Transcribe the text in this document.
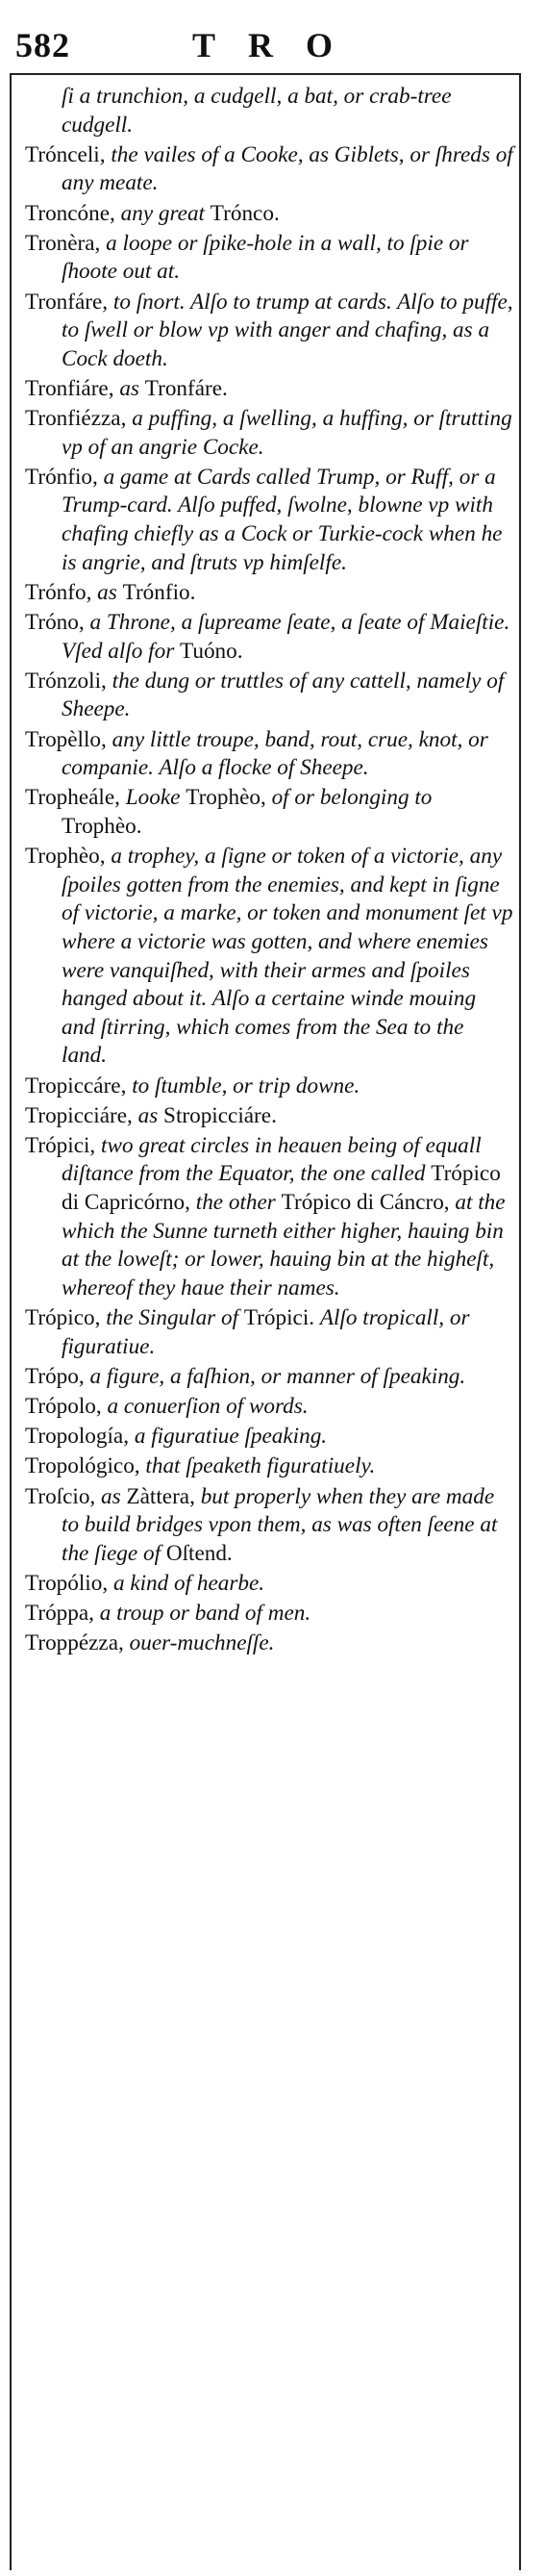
582	TRO

ſi a trunchion, a cudgell, a bat, or crab-tree cudgell.

Trónceli, the vailes of a Cooke, as Giblets, or ſhreds of any meate.

Troncóne, any great Trónco.

Tronèra, a loope or ſpike-hole in a wall, to ſpie or ſhoote out at.

Tronfáre, to ſnort. Alſo to trump at cards. Alſo to puffe, to ſwell or blow vp with anger and chafing, as a Cock doeth.

Tronfiáre, as Tronfáre.

Tronfiézza, a puffing, a ſwelling, a huffing, or ſtrutting vp of an angrie Cocke.

Trónfio, a game at Cards called Trump, or Ruff, or a Trump-card. Alſo puffed, ſwolne, blowne vp with chafing chiefly as a Cock or Turkie-cock when he is angrie, and ſtruts vp himſelfe.

Trónfo, as Trónfio.

Tróno, a Throne, a ſupreame ſeate, a ſeate of Maieſtie. Vſed alſo for Tuóno.

Trónzoli, the dung or truttles of any cattell, namely of Sheepe.

Tropèllo, any little troupe, band, rout, crue, knot, or companie. Alſo a flocke of Sheepe.

Tropheále, Looke Trophèo, of or belonging to Trophèo.

Trophèo, a trophey, a ſigne or token of a victorie, any ſpoiles gotten from the enemies, and kept in ſigne of victorie, a marke, or token and monument ſet vp where a victorie was gotten, and where enemies were vanquiſhed, with their armes and ſpoiles hanged about it. Alſo a certaine winde mouing and ſtirring, which comes from the Sea to the land.

Tropiccáre, to ſtumble, or trip downe.

Tropicciáre, as Stropicciáre.

Trópici, two great circles in heauen being of equall diſtance from the Equator, the one called Trópico di Capricórno, the other Trópico di Cáncro, at the which the Sunne turneth either higher, hauing bin at the loweſt; or lower, hauing bin at the higheſt, whereof they haue their names.

Trópico, the Singular of Trópici. Alſo tropicall, or figuratiue.

Trópo, a figure, a faſhion, or manner of ſpeaking.

Trópolo, a conuerſion of words.

Tropología, a figuratiue ſpeaking.

Tropológico, that ſpeaketh figuratiuely.

Troſcio, as Zàttera, but properly when they are made to build bridges vpon them, as was often ſeene at the ſiege of Oſtend.

Tropólio, a kind of hearbe.

Tróppa, a troup or band of men.

Troppézza, ouer-muchneſſe.
